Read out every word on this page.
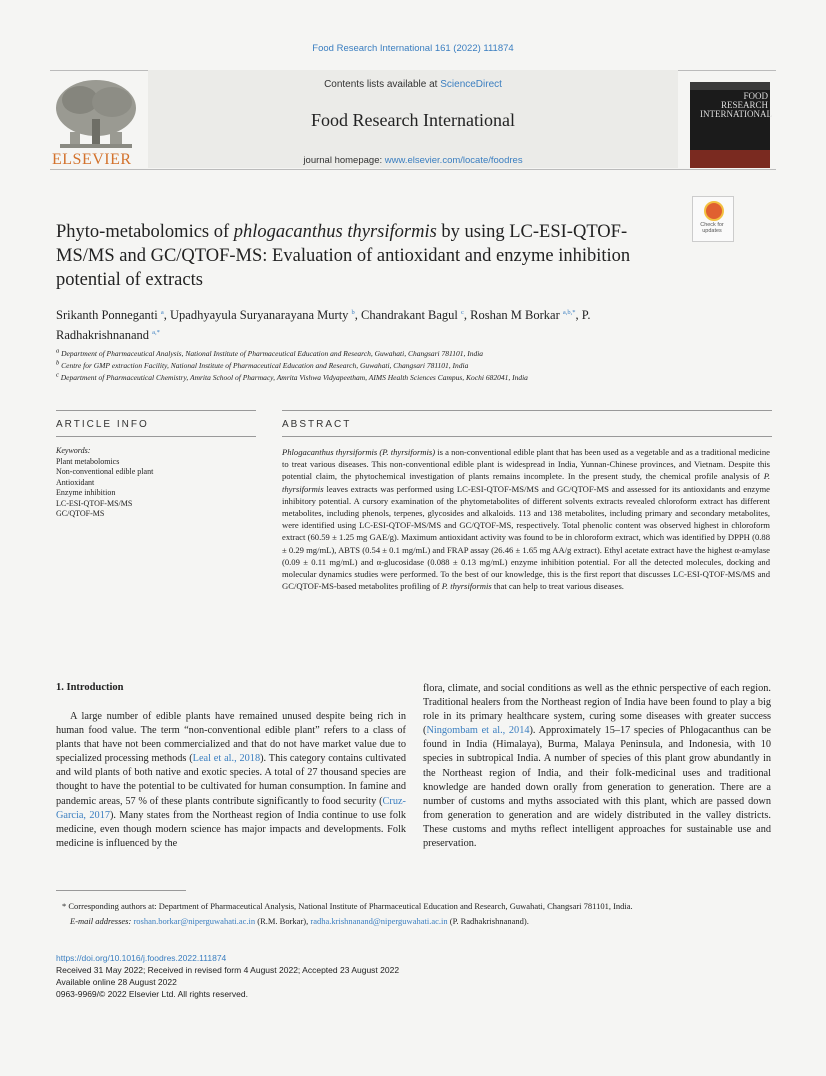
Food Research International 161 (2022) 111874
ELSEVIER
Contents lists available at ScienceDirect
Food Research International
journal homepage: www.elsevier.com/locate/foodres
FOOD RESEARCH INTERNATIONAL
Check for updates
Phyto-metabolomics of phlogacanthus thyrsiformis by using LC-ESI-QTOF-MS/MS and GC/QTOF-MS: Evaluation of antioxidant and enzyme inhibition potential of extracts
Srikanth Ponneganti $^a$, Upadhyayula Suryanarayana Murty $^b$, Chandrakant Bagul $^c$, Roshan M Borkar $^{a,b,*}$, P. Radhakrishnanand $^{a,*}$
$^a$ Department of Pharmaceutical Analysis, National Institute of Pharmaceutical Education and Research, Guwahati, Changsari 781101, India
$^b$ Centre for GMP extraction Facility, National Institute of Pharmaceutical Education and Research, Guwahati, Changsari 781101, India
$^c$ Department of Pharmaceutical Chemistry, Amrita School of Pharmacy, Amrita Vishwa Vidyapeetham, AIMS Health Sciences Campus, Kochi 682041, India
ARTICLE INFO	ABSTRACT
Keywords:
Plant metabolomics
Non-conventional edible plant
Antioxidant
Enzyme inhibition
LC-ESI-QTOF-MS/MS
GC/QTOF-MS
Phlogacanthus thyrsiformis (P. thyrsiformis) is a non-conventional edible plant that has been used as a vegetable and as a traditional medicine to treat various diseases. This non-conventional edible plant is widespread in India, Yunnan-Chinese provinces, and Vietnam. Despite this potential claim, the phytochemical investigation of plants remains incomplete. In the present study, the chemical profile analysis of P. thyrsiformis leaves extracts was performed using LC-ESI-QTOF-MS/MS and GC/QTOF-MS and assessed for its antioxidants and enzyme inhibitory potential. A cursory examination of the phytometabolites of different solvents extracts revealed chloroform extract has different metabolites, including phenols, terpenes, glycosides and alkaloids. 113 and 138 metabolites, including primary and secondary metabolites, were identified using LC-ESI-QTOF-MS/MS and GC/QTOF-MS, respectively. Total phenolic content was observed highest in chloroform extract (60.59 ± 1.25 mg GAE/g). Maximum antioxidant activity was found to be in chloroform extract, which was identified by DPPH (0.88 ± 0.29 mg/mL), ABTS (0.54 ± 0.1 mg/mL) and FRAP assay (26.46 ± 1.65 mg AA/g extract). Ethyl acetate extract have the highest α-amylase (0.09 ± 0.11 mg/mL) and α-glucosidase (0.088 ± 0.13 mg/mL) enzyme inhibition potential. For all the detected molecules, docking and molecular dynamics studies were performed. To the best of our knowledge, this is the first report that discusses LC-ESI-QTOF-MS/MS and GC/QTOF-MS-based metabolites profiling of P. thyrsiformis that can help to treat various diseases.
1. Introduction
A large number of edible plants have remained unused despite being rich in human food value. The term “non-conventional edible plant” refers to a class of plants that have not been commercialized and that do not have market value due to specialized processing methods (Leal et al., 2018). This category contains cultivated and wild plants of both native and exotic species. A total of 27 thousand species are thought to have the potential to be cultivated for human consumption. In famine and pandemic areas, 57 % of these plants contribute significantly to food security (Cruz-Garcia, 2017). Many states from the Northeast region of India continue to use folk medicine, even though modern science has major impacts and developments. Folk medicine is influenced by the
flora, climate, and social conditions as well as the ethnic perspective of each region. Traditional healers from the Northeast region of India have been found to play a big role in its primary healthcare system, curing some diseases with greater success (Ningombam et al., 2014). Approximately 15–17 species of Phlogacanthus can be found in India (Himalaya), Burma, Malaya Peninsula, and Indonesia, with 10 species in subtropical India. A number of species of this plant grow abundantly in the Northeast region of India, and their folk-medicinal uses and traditional knowledge are handed down orally from generation to generation. There are a number of customs and myths associated with this plant, which are passed down from generation to generation and are widely distributed in the valley districts. These customs and myths reflect intelligent approaches for sustainable use and preservation.
* Corresponding authors at: Department of Pharmaceutical Analysis, National Institute of Pharmaceutical Education and Research, Guwahati, Changsari 781101, India.
E-mail addresses: roshan.borkar@niperguwahati.ac.in (R.M. Borkar), radha.krishnanand@niperguwahati.ac.in (P. Radhakrishnanand).
https://doi.org/10.1016/j.foodres.2022.111874
Received 31 May 2022; Received in revised form 4 August 2022; Accepted 23 August 2022
Available online 28 August 2022
0963-9969/© 2022 Elsevier Ltd. All rights reserved.
